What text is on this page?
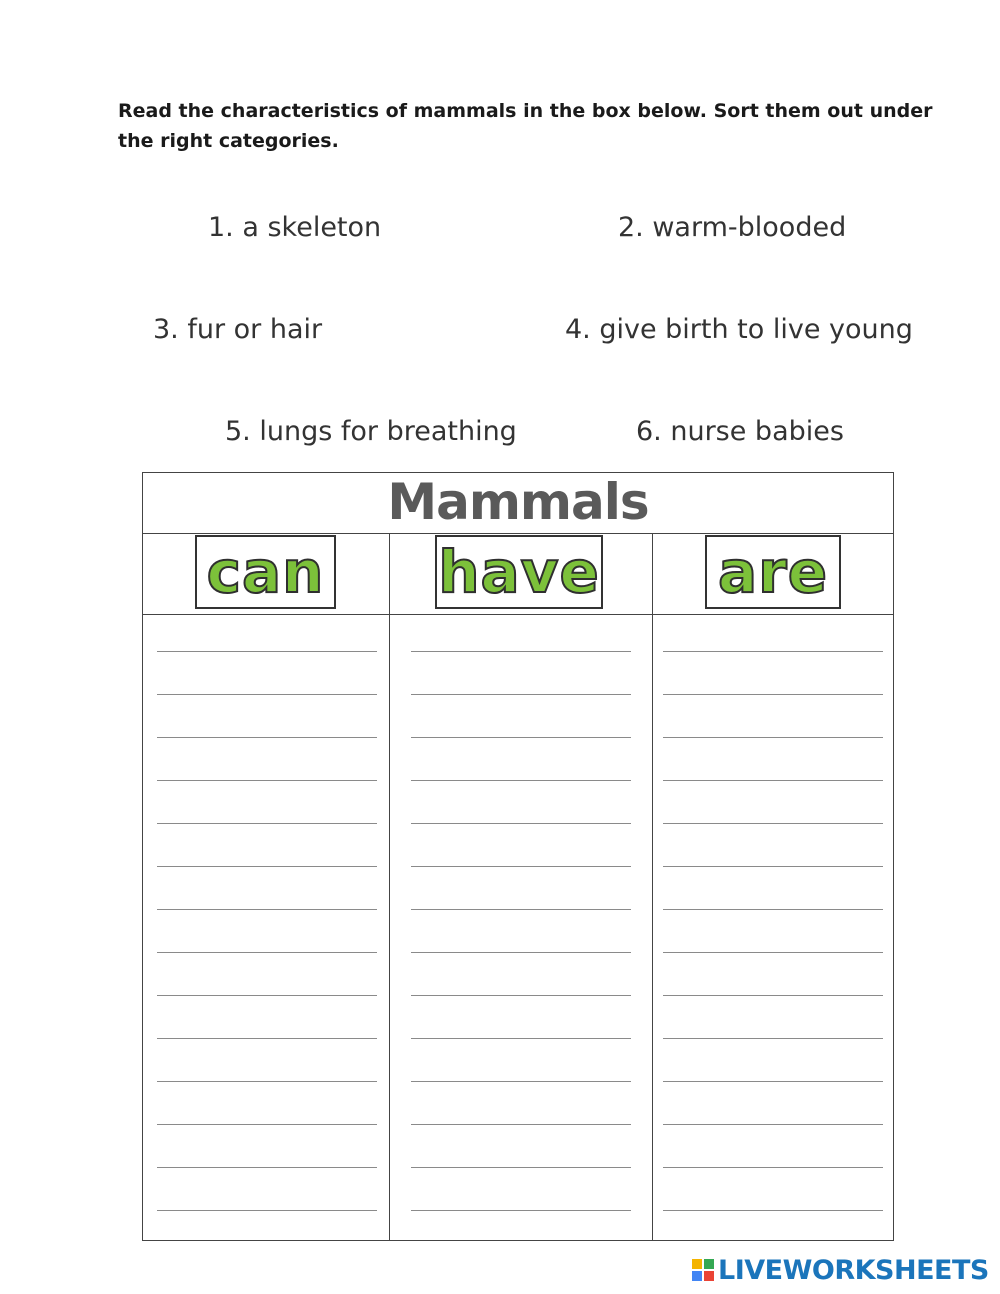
Read the characteristics of mammals in the box below. Sort them out under the right categories.
1. a skeleton	2. warm-blooded
3. fur or hair	4. give birth to live young
5. lungs for breathing	6. nurse babies
Mammals
can have are
LIVEWORKSHEETS
